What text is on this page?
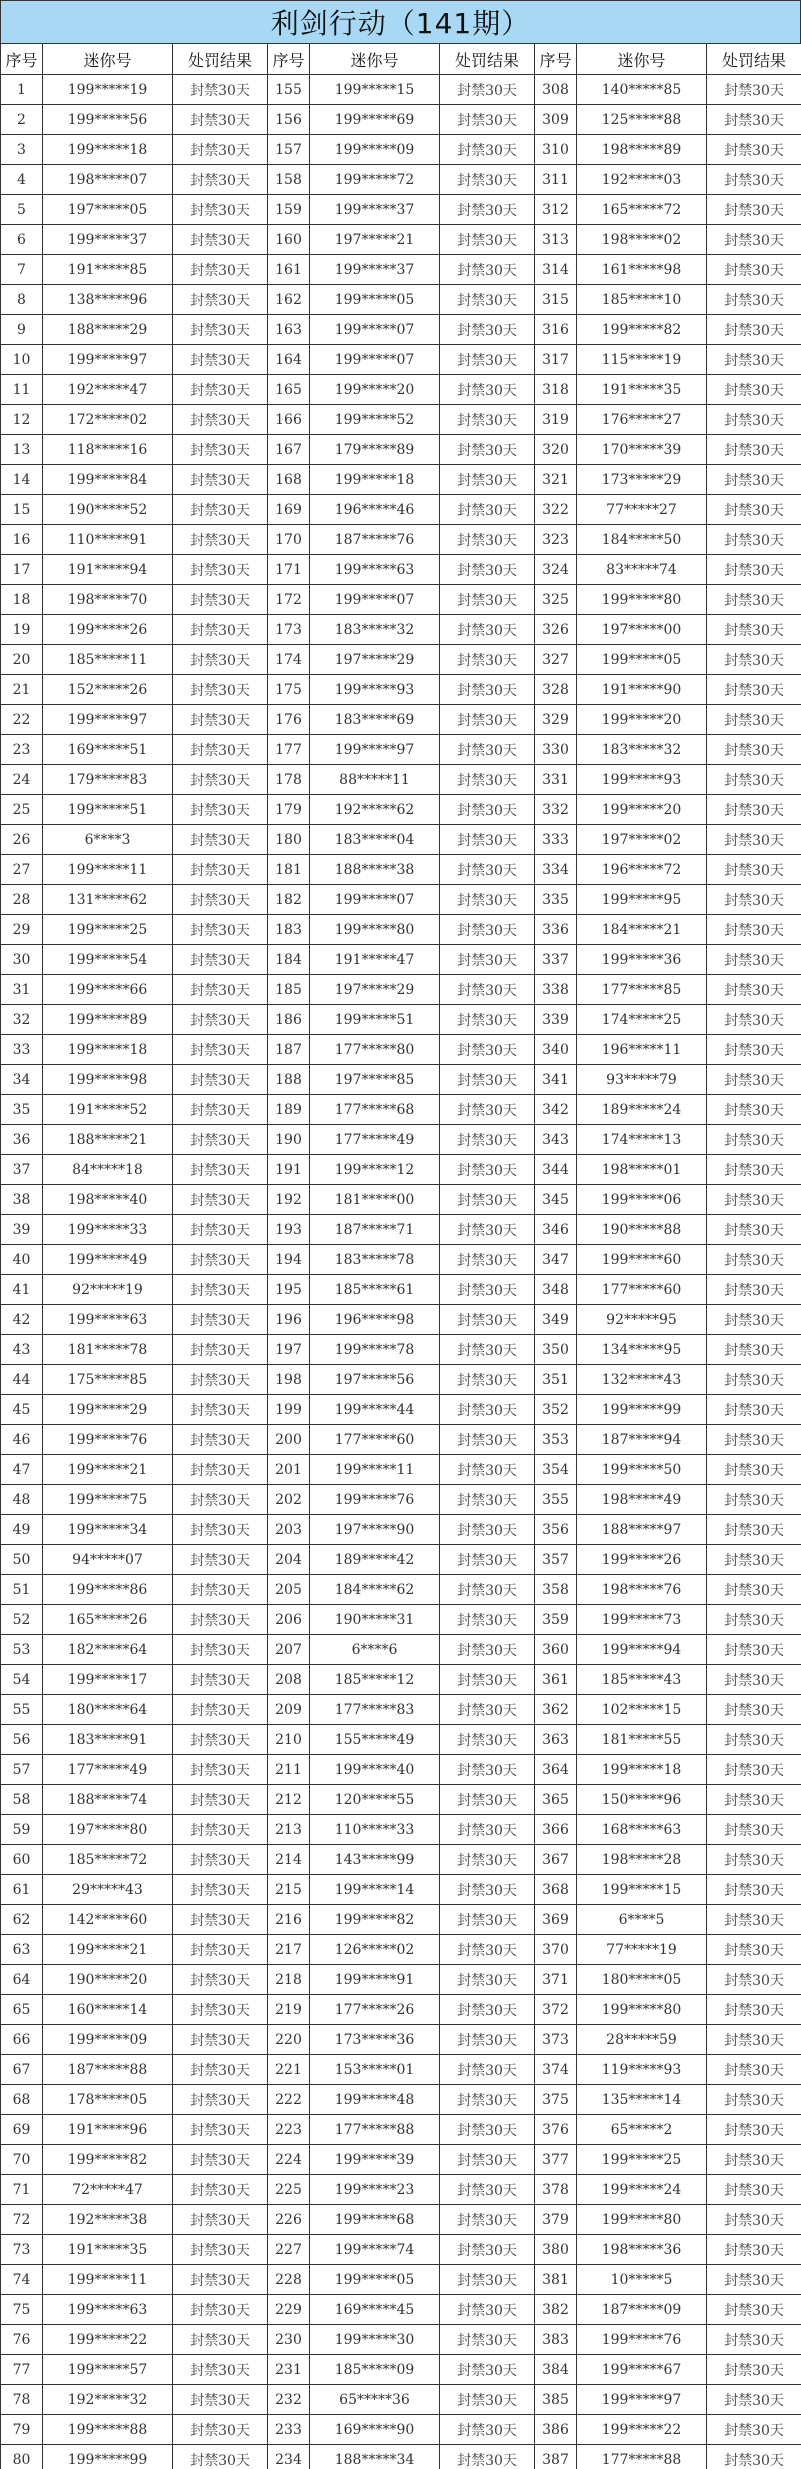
利剑行动（141期）
序号	迷你号	处罚结果	序号	迷你号	处罚结果	序号	迷你号	处罚结果
1	199*****19	封禁30天	155	199*****15	封禁30天	308	140*****85	封禁30天
2	199*****56	封禁30天	156	199*****69	封禁30天	309	125*****88	封禁30天
3	199*****18	封禁30天	157	199*****09	封禁30天	310	198*****89	封禁30天
4	198*****07	封禁30天	158	199*****72	封禁30天	311	192*****03	封禁30天
5	197*****05	封禁30天	159	199*****37	封禁30天	312	165*****72	封禁30天
6	199*****37	封禁30天	160	197*****21	封禁30天	313	198*****02	封禁30天
7	191*****85	封禁30天	161	199*****37	封禁30天	314	161*****98	封禁30天
8	138*****96	封禁30天	162	199*****05	封禁30天	315	185*****10	封禁30天
9	188*****29	封禁30天	163	199*****07	封禁30天	316	199*****82	封禁30天
10	199*****97	封禁30天	164	199*****07	封禁30天	317	115*****19	封禁30天
11	192*****47	封禁30天	165	199*****20	封禁30天	318	191*****35	封禁30天
12	172*****02	封禁30天	166	199*****52	封禁30天	319	176*****27	封禁30天
13	118*****16	封禁30天	167	179*****89	封禁30天	320	170*****39	封禁30天
14	199*****84	封禁30天	168	199*****18	封禁30天	321	173*****29	封禁30天
15	190*****52	封禁30天	169	196*****46	封禁30天	322	77*****27	封禁30天
16	110*****91	封禁30天	170	187*****76	封禁30天	323	184*****50	封禁30天
17	191*****94	封禁30天	171	199*****63	封禁30天	324	83*****74	封禁30天
18	198*****70	封禁30天	172	199*****07	封禁30天	325	199*****80	封禁30天
19	199*****26	封禁30天	173	183*****32	封禁30天	326	197*****00	封禁30天
20	185*****11	封禁30天	174	197*****29	封禁30天	327	199*****05	封禁30天
21	152*****26	封禁30天	175	199*****93	封禁30天	328	191*****90	封禁30天
22	199*****97	封禁30天	176	183*****69	封禁30天	329	199*****20	封禁30天
23	169*****51	封禁30天	177	199*****97	封禁30天	330	183*****32	封禁30天
24	179*****83	封禁30天	178	88*****11	封禁30天	331	199*****93	封禁30天
25	199*****51	封禁30天	179	192*****62	封禁30天	332	199*****20	封禁30天
26	6****3	封禁30天	180	183*****04	封禁30天	333	197*****02	封禁30天
27	199*****11	封禁30天	181	188*****38	封禁30天	334	196*****72	封禁30天
28	131*****62	封禁30天	182	199*****07	封禁30天	335	199*****95	封禁30天
29	199*****25	封禁30天	183	199*****80	封禁30天	336	184*****21	封禁30天
30	199*****54	封禁30天	184	191*****47	封禁30天	337	199*****36	封禁30天
31	199*****66	封禁30天	185	197*****29	封禁30天	338	177*****85	封禁30天
32	199*****89	封禁30天	186	199*****51	封禁30天	339	174*****25	封禁30天
33	199*****18	封禁30天	187	177*****80	封禁30天	340	196*****11	封禁30天
34	199*****98	封禁30天	188	197*****85	封禁30天	341	93*****79	封禁30天
35	191*****52	封禁30天	189	177*****68	封禁30天	342	189*****24	封禁30天
36	188*****21	封禁30天	190	177*****49	封禁30天	343	174*****13	封禁30天
37	84*****18	封禁30天	191	199*****12	封禁30天	344	198*****01	封禁30天
38	198*****40	封禁30天	192	181*****00	封禁30天	345	199*****06	封禁30天
39	199*****33	封禁30天	193	187*****71	封禁30天	346	190*****88	封禁30天
40	199*****49	封禁30天	194	183*****78	封禁30天	347	199*****60	封禁30天
41	92*****19	封禁30天	195	185*****61	封禁30天	348	177*****60	封禁30天
42	199*****63	封禁30天	196	196*****98	封禁30天	349	92*****95	封禁30天
43	181*****78	封禁30天	197	199*****78	封禁30天	350	134*****95	封禁30天
44	175*****85	封禁30天	198	197*****56	封禁30天	351	132*****43	封禁30天
45	199*****29	封禁30天	199	199*****44	封禁30天	352	199*****99	封禁30天
46	199*****76	封禁30天	200	177*****60	封禁30天	353	187*****94	封禁30天
47	199*****21	封禁30天	201	199*****11	封禁30天	354	199*****50	封禁30天
48	199*****75	封禁30天	202	199*****76	封禁30天	355	198*****49	封禁30天
49	199*****34	封禁30天	203	197*****90	封禁30天	356	188*****97	封禁30天
50	94*****07	封禁30天	204	189*****42	封禁30天	357	199*****26	封禁30天
51	199*****86	封禁30天	205	184*****62	封禁30天	358	198*****76	封禁30天
52	165*****26	封禁30天	206	190*****31	封禁30天	359	199*****73	封禁30天
53	182*****64	封禁30天	207	6****6	封禁30天	360	199*****94	封禁30天
54	199*****17	封禁30天	208	185*****12	封禁30天	361	185*****43	封禁30天
55	180*****64	封禁30天	209	177*****83	封禁30天	362	102*****15	封禁30天
56	183*****91	封禁30天	210	155*****49	封禁30天	363	181*****55	封禁30天
57	177*****49	封禁30天	211	199*****40	封禁30天	364	199*****18	封禁30天
58	188*****74	封禁30天	212	120*****55	封禁30天	365	150*****96	封禁30天
59	197*****80	封禁30天	213	110*****33	封禁30天	366	168*****63	封禁30天
60	185*****72	封禁30天	214	143*****99	封禁30天	367	198*****28	封禁30天
61	29*****43	封禁30天	215	199*****14	封禁30天	368	199*****15	封禁30天
62	142*****60	封禁30天	216	199*****82	封禁30天	369	6****5	封禁30天
63	199*****21	封禁30天	217	126*****02	封禁30天	370	77*****19	封禁30天
64	190*****20	封禁30天	218	199*****91	封禁30天	371	180*****05	封禁30天
65	160*****14	封禁30天	219	177*****26	封禁30天	372	199*****80	封禁30天
66	199*****09	封禁30天	220	173*****36	封禁30天	373	28*****59	封禁30天
67	187*****88	封禁30天	221	153*****01	封禁30天	374	119*****93	封禁30天
68	178*****05	封禁30天	222	199*****48	封禁30天	375	135*****14	封禁30天
69	191*****96	封禁30天	223	177*****88	封禁30天	376	65*****2	封禁30天
70	199*****82	封禁30天	224	199*****39	封禁30天	377	199*****25	封禁30天
71	72*****47	封禁30天	225	199*****23	封禁30天	378	199*****24	封禁30天
72	192*****38	封禁30天	226	199*****68	封禁30天	379	199*****80	封禁30天
73	191*****35	封禁30天	227	199*****74	封禁30天	380	198*****36	封禁30天
74	199*****11	封禁30天	228	199*****05	封禁30天	381	10*****5	封禁30天
75	199*****63	封禁30天	229	169*****45	封禁30天	382	187*****09	封禁30天
76	199*****22	封禁30天	230	199*****30	封禁30天	383	199*****76	封禁30天
77	199*****57	封禁30天	231	185*****09	封禁30天	384	199*****67	封禁30天
78	192*****32	封禁30天	232	65*****36	封禁30天	385	199*****97	封禁30天
79	199*****88	封禁30天	233	169*****90	封禁30天	386	199*****22	封禁30天
80	199*****99	封禁30天	234	188*****34	封禁30天	387	177*****88	封禁30天
